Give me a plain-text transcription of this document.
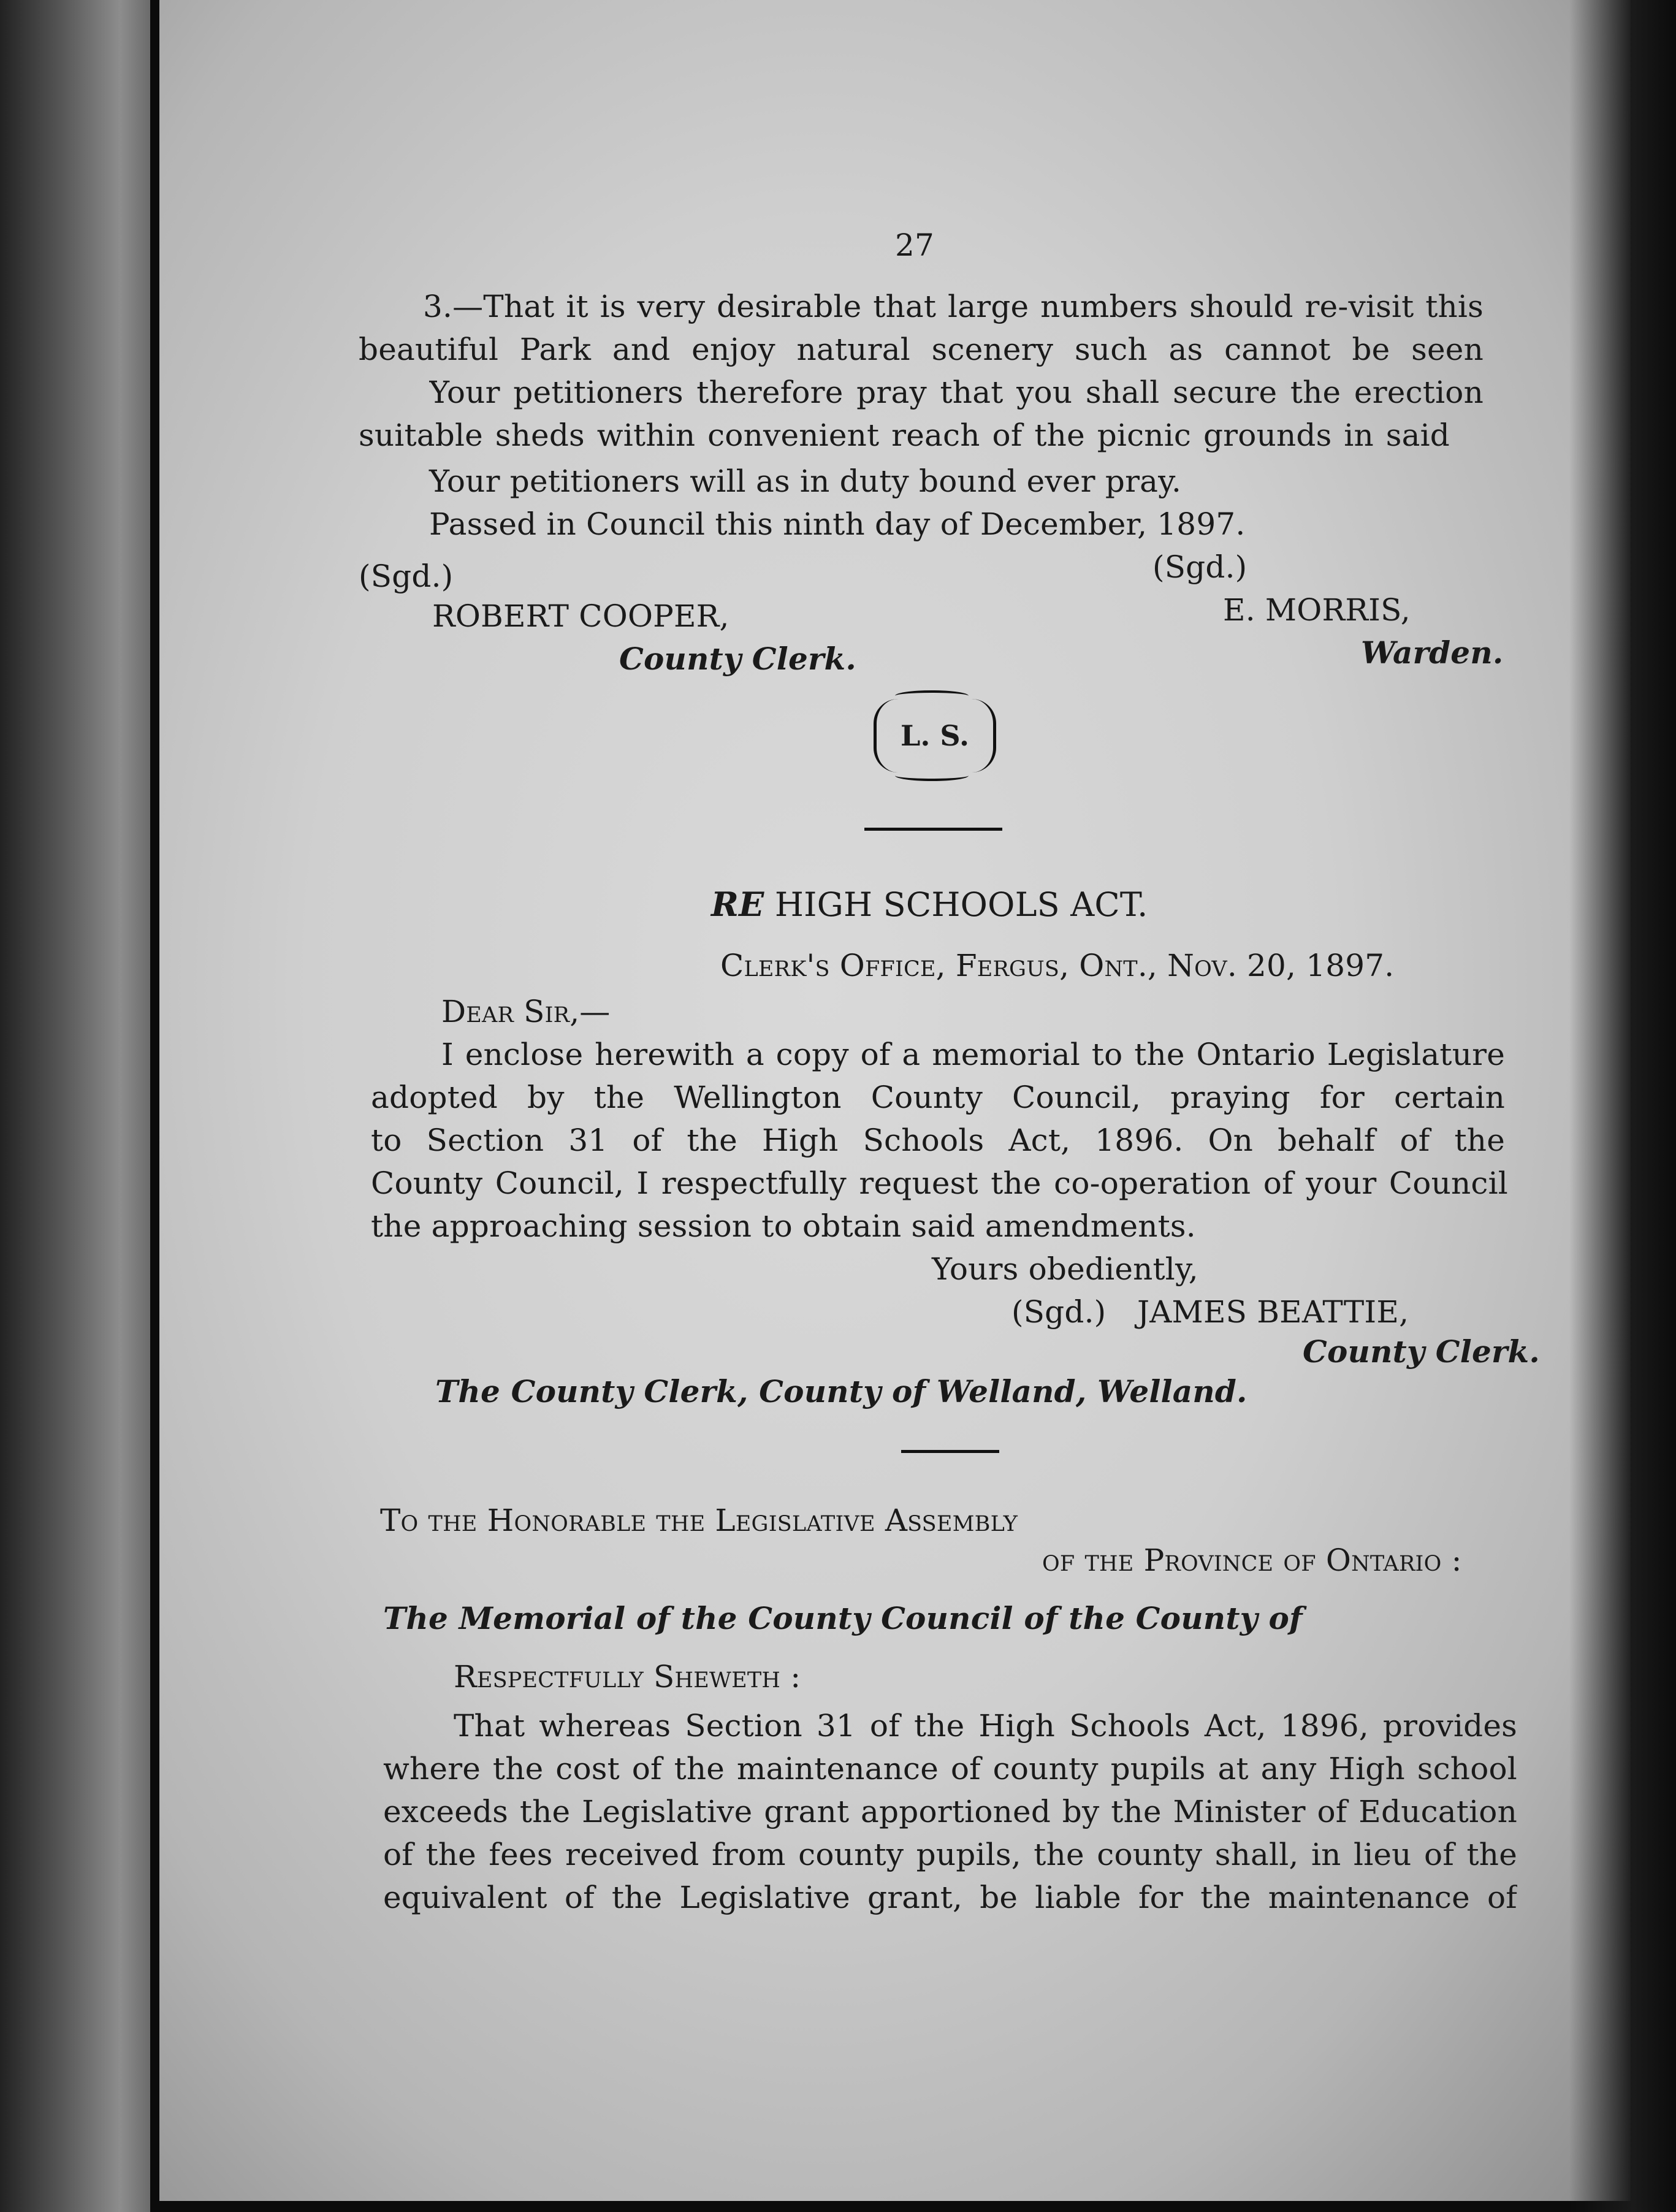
27
3.—That it is very desirable that large numbers should re-visit this
beautiful Park and enjoy natural scenery such as cannot be seen
Your petitioners therefore pray that you shall secure the erection
suitable sheds within convenient reach of the picnic grounds in said
Your petitioners will as in duty bound ever pray.
Passed in Council this ninth day of December, 1897.
(Sgd.)	(Sgd.)
ROBERT COOPER,	E. MORRIS,
County Clerk.	Warden.
L. S.
RE HIGH SCHOOLS ACT.
Clerk's Office, Fergus, Ont., Nov. 20, 1897.
Dear Sir,—
I enclose herewith a copy of a memorial to the Ontario Legislature
adopted by the Wellington County Council, praying for certain
to Section 31 of the High Schools Act, 1896. On behalf of the
County Council, I respectfully request the co-operation of your Council
the approaching session to obtain said amendments.
Yours obediently,
(Sgd.) JAMES BEATTIE,
County Clerk.
The County Clerk, County of Welland, Welland.
To the Honorable the Legislative Assembly
of the Province of Ontario :
The Memorial of the County Council of the County of
Respectfully Sheweth :
That whereas Section 31 of the High Schools Act, 1896, provides
where the cost of the maintenance of county pupils at any High school
exceeds the Legislative grant apportioned by the Minister of Education
of the fees received from county pupils, the county shall, in lieu of the
equivalent of the Legislative grant, be liable for the maintenance of
